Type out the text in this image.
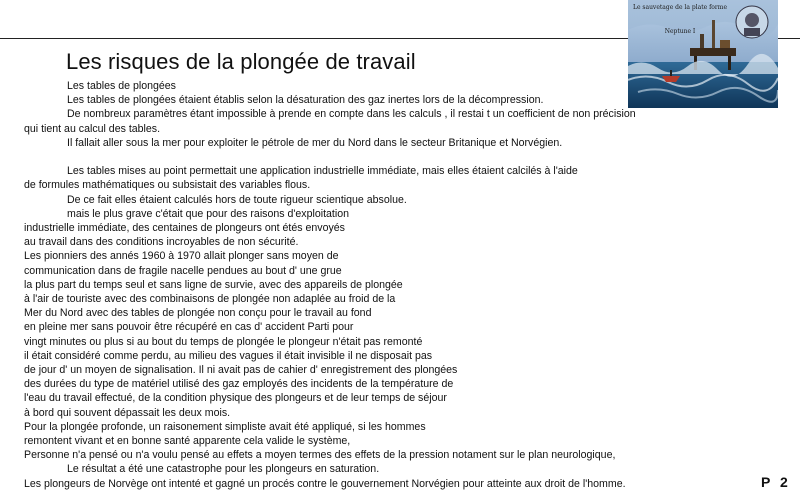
Les risques de la plongée de travail
Le sauvetage de la plate forme
Neptune I
Les tables de plongées
Les tables de plongées étaient établis selon la désaturation des gaz inertes lors de la décompression.
De nombreux paramètres étant impossible à prende en compte dans les calculs , il restai t un coefficient de non précision
qui tient au calcul des tables.
Il fallait aller sous la mer pour exploiter le pétrole de mer du Nord dans le secteur Britanique et Norvégien.
Les tables mises au point permettait une application industrielle immédiate, mais elles étaient calcilés à l'aide
de formules mathématiques ou subsistait des variables flous.
De ce fait elles étaient calculés hors de toute rigueur scientique absolue.
mais le plus grave c'était que pour des raisons d'exploitation
industrielle immédiate, des centaines de plongeurs ont étés envoyés
au travail dans des conditions incroyables de non sécurité.
Les pionniers des annés 1960 à 1970 allait plonger sans moyen de
communication dans de fragile nacelle pendues au bout d' une grue
la plus part du temps seul et sans ligne de survie, avec des appareils de plongée
à l'air de touriste avec des combinaisons de plongée non adaplée au froid de la
Mer du Nord avec des tables de plongée non conçu pour le travail au fond
en pleine mer sans pouvoir être récupéré en cas d' accident Parti pour
vingt minutes ou plus si au bout du temps de plongée le plongeur n'était pas remonté
il était considéré comme perdu, au milieu des vagues il était invisible il ne disposait pas
de jour d' un moyen de signalisation. Il ni avait pas de cahier d' enregistrement des plongées
des durées du type de matériel utilisé des gaz employés des incidents de la température de
l'eau du travail effectué, de la condition physique des plongeurs et de leur temps de séjour
à bord qui souvent dépassait les deux mois.
Pour la plongée profonde, un raisonement simpliste avait été appliqué, si les hommes
remontent vivant et en bonne santé apparente cela valide le système,
Personne n'a pensé ou n'a voulu pensé au effets a moyen termes des effets de la pression notament sur le plan neurologique,
Le résultat a été une catastrophe pour les plongeurs en saturation.
Les plongeurs de Norvège ont intenté et gagné un procés contre le gouvernement Norvégien pour atteinte aux droit de l'homme.	P 2
